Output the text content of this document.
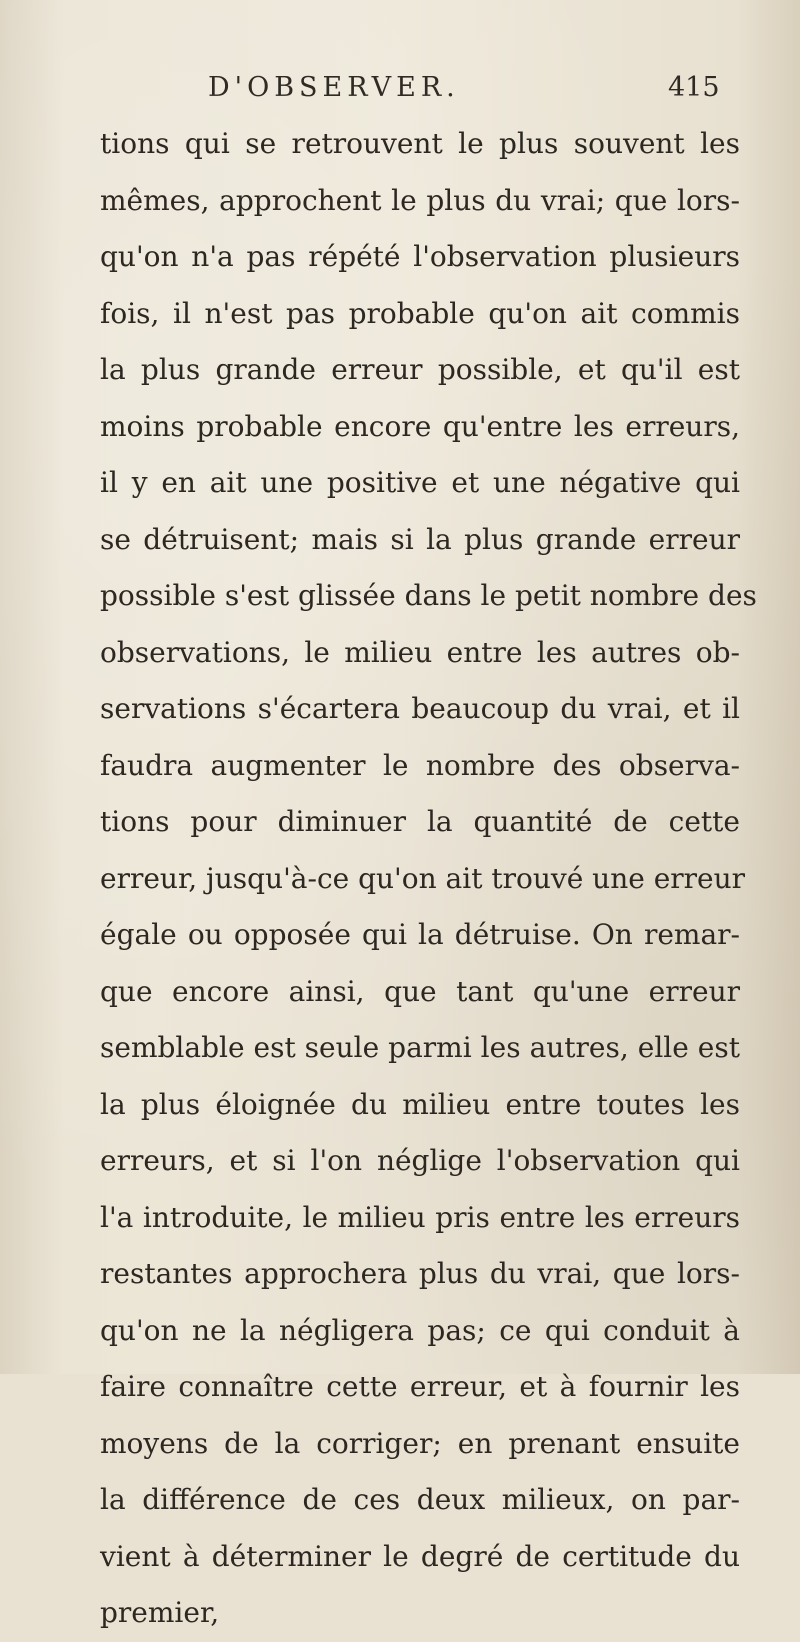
D'OBSERVER.	415
tions qui se retrouvent le plus souvent les
mêmes, approchent le plus du vrai; que lors-
qu'on n'a pas répété l'observation plusieurs
fois, il n'est pas probable qu'on ait commis
la plus grande erreur possible, et qu'il est
moins probable encore qu'entre les erreurs,
il y en ait une positive et une négative qui
se détruisent; mais si la plus grande erreur
possible s'est glissée dans le petit nombre des
observations, le milieu entre les autres ob-
servations s'écartera beaucoup du vrai, et il
faudra augmenter le nombre des observa-
tions pour diminuer la quantité de cette
erreur, jusqu'à-ce qu'on ait trouvé une erreur
égale ou opposée qui la détruise. On remar-
que encore ainsi, que tant qu'une erreur
semblable est seule parmi les autres, elle est
la plus éloignée du milieu entre toutes les
erreurs, et si l'on néglige l'observation qui
l'a introduite, le milieu pris entre les erreurs
restantes approchera plus du vrai, que lors-
qu'on ne la négligera pas; ce qui conduit à
faire connaître cette erreur, et à fournir les
moyens de la corriger; en prenant ensuite
la différence de ces deux milieux, on par-
vient à déterminer le degré de certitude du
premier,
